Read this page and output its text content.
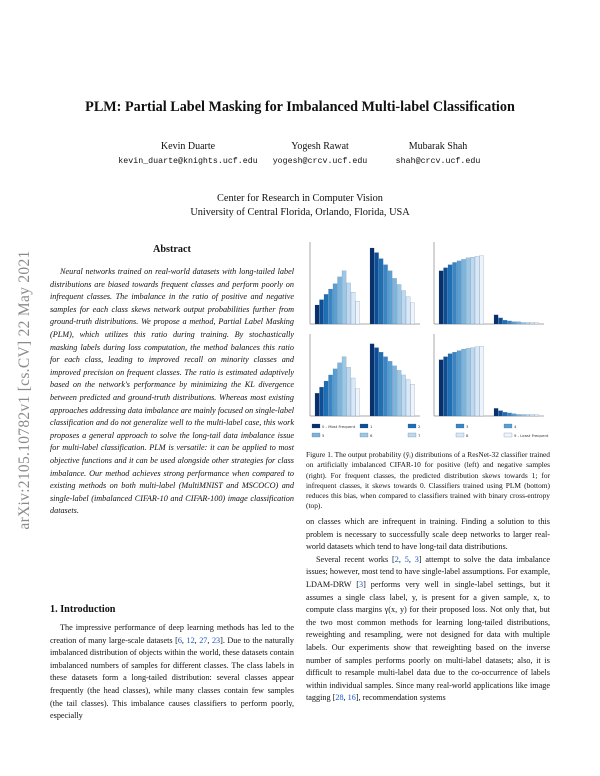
PLM: Partial Label Masking for Imbalanced Multi-label Classification
Kevin Duarte
kevin_duarte@knights.ucf.edu
Yogesh Rawat
yogesh@crcv.ucf.edu
Mubarak Shah
shah@crcv.ucf.edu
Center for Research in Computer Vision
University of Central Florida, Orlando, Florida, USA
arXiv:2105.10782v1 [cs.CV] 22 May 2021
Abstract
Neural networks trained on real-world datasets with long-tailed label distributions are biased towards frequent classes and perform poorly on infrequent classes. The imbalance in the ratio of positive and negative samples for each class skews network output probabilities further from ground-truth distributions. We propose a method, Partial Label Masking (PLM), which utilizes this ratio during training. By stochastically masking labels during loss computation, the method balances this ratio for each class, leading to improved recall on minority classes and improved precision on frequent classes. The ratio is estimated adaptively based on the network's performance by minimizing the KL divergence between predicted and ground-truth distributions. Whereas most existing approaches addressing data imbalance are mainly focused on single-label classification and do not generalize well to the multi-label case, this work proposes a general approach to solve the long-tail data imbalance issue for multi-label classification. PLM is versatile: it can be applied to most objective functions and it can be used alongside other strategies for class imbalance. Our method achieves strong performance when compared to existing methods on both multi-label (MultiMNIST and MSCOCO) and single-label (imbalanced CIFAR-10 and CIFAR-100) image classification datasets.
1. Introduction
The impressive performance of deep learning methods has led to the creation of many large-scale datasets [6, 12, 27, 23]. Due to the naturally imbalanced distribution of objects within the world, these datasets contain imbalanced numbers of samples for different classes. The class labels in these datasets form a long-tailed distribution: several classes appear frequently (the head classes), while many classes contain few samples (the tail classes). This imbalance causes classifiers to perform poorly, especially
0 - Most Frequent	1	2	3	4
5	6	7	8	9 - Least Frequent
Figure 1. The output probability (ŷᵢ) distributions of a ResNet-32 classifier trained on artificially imbalanced CIFAR-10 for positive (left) and negative samples (right). For frequent classes, the predicted distribution skews towards 1; for infrequent classes, it skews towards 0. Classifiers trained using PLM (bottom) reduces this bias, when compared to classifiers trained with binary cross-entropy (top).

on classes which are infrequent in training. Finding a solution to this problem is necessary to successfully scale deep networks to larger real-world datasets which tend to have long-tail data distributions.

Several recent works [2, 5, 3] attempt to solve the data imbalance issues; however, most tend to have single-label assumptions. For example, LDAM-DRW [3] performs very well in single-label settings, but it assumes a single class label, y, is present for a given sample, x, to compute class margins γ(x, y) for their proposed loss. Not only that, but the two most common methods for learning long-tailed distributions, reweighting and resampling, were not designed for data with multiple labels. Our experiments show that reweighting based on the inverse number of samples performs poorly on multi-label datasets; also, it is difficult to resample multi-label data due to the co-occurrence of labels within individual samples. Since many real-world applications like image tagging [28, 16], recommendation systems
